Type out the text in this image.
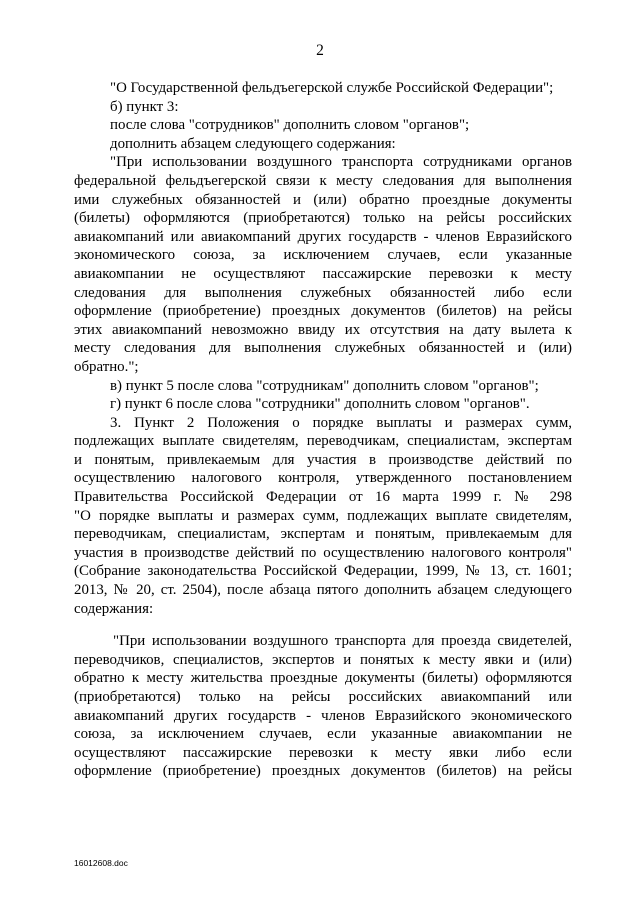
2
"О Государственной фельдъегерской службе Российской Федерации";
б) пункт 3:
после слова "сотрудников" дополнить словом "органов";
дополнить абзацем следующего содержания:
"При использовании воздушного транспорта сотрудниками органов
федеральной фельдъегерской связи к месту следования для выполнения
ими служебных обязанностей и (или) обратно проездные документы
(билеты) оформляются (приобретаются) только на рейсы российских
авиакомпаний или авиакомпаний других государств - членов Евразийского
экономического союза, за исключением случаев, если указанные
авиакомпании не осуществляют пассажирские перевозки к месту
следования для выполнения служебных обязанностей либо если
оформление (приобретение) проездных документов (билетов) на рейсы
этих авиакомпаний невозможно ввиду их отсутствия на дату вылета к
месту следования для выполнения служебных обязанностей и (или)
обратно.";
в) пункт 5 после слова "сотрудникам" дополнить словом "органов";
г) пункт 6 после слова "сотрудники" дополнить словом "органов".
3. Пункт 2 Положения о порядке выплаты и размерах сумм,
подлежащих выплате свидетелям, переводчикам, специалистам, экспертам
и понятым, привлекаемым для участия в производстве действий по
осуществлению налогового контроля, утвержденного постановлением
Правительства Российской Федерации от 16 марта 1999 г. № 298
"О порядке выплаты и размерах сумм, подлежащих выплате свидетелям,
переводчикам, специалистам, экспертам и понятым, привлекаемым для
участия в производстве действий по осуществлению налогового контроля"
(Собрание законодательства Российской Федерации, 1999, № 13, ст. 1601;
2013, № 20, ст. 2504), после абзаца пятого дополнить абзацем следующего
содержания:
"При использовании воздушного транспорта для проезда свидетелей,
переводчиков, специалистов, экспертов и понятых к месту явки и (или)
обратно к месту жительства проездные документы (билеты) оформляются
(приобретаются) только на рейсы российских авиакомпаний или
авиакомпаний других государств - членов Евразийского экономического
союза, за исключением случаев, если указанные авиакомпании не
осуществляют пассажирские перевозки к месту явки либо если
оформление (приобретение) проездных документов (билетов) на рейсы
16012608.doc
